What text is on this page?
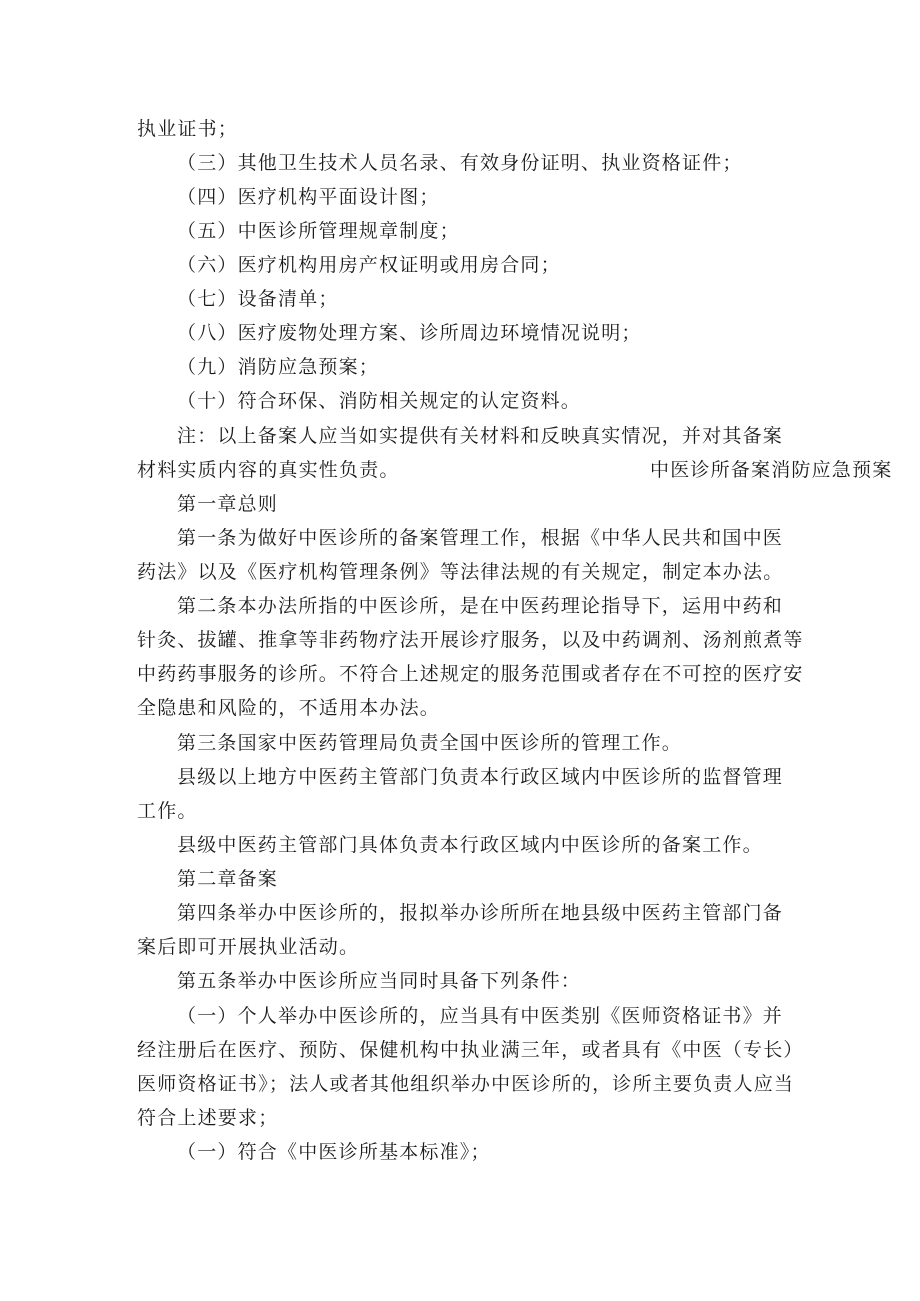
执业证书；
（三）其他卫生技术人员名录、有效身份证明、执业资格证件；
（四）医疗机构平面设计图；
（五）中医诊所管理规章制度；
（六）医疗机构用房产权证明或用房合同；
（七）设备清单；
（八）医疗废物处理方案、诊所周边环境情况说明；
（九）消防应急预案；
（十）符合环保、消防相关规定的认定资料。
注：以上备案人应当如实提供有关材料和反映真实情况，并对其备案
材料实质内容的真实性负责。	中医诊所备案消防应急预案
第一章总则
第一条为做好中医诊所的备案管理工作，根据《中华人民共和国中医
药法》以及《医疗机构管理条例》等法律法规的有关规定，制定本办法。
第二条本办法所指的中医诊所，是在中医药理论指导下，运用中药和
针灸、拔罐、推拿等非药物疗法开展诊疗服务，以及中药调剂、汤剂煎煮等
中药药事服务的诊所。不符合上述规定的服务范围或者存在不可控的医疗安
全隐患和风险的，不适用本办法。
第三条国家中医药管理局负责全国中医诊所的管理工作。
县级以上地方中医药主管部门负责本行政区域内中医诊所的监督管理
工作。
县级中医药主管部门具体负责本行政区域内中医诊所的备案工作。
第二章备案
第四条举办中医诊所的，报拟举办诊所所在地县级中医药主管部门备
案后即可开展执业活动。
第五条举办中医诊所应当同时具备下列条件：
（一）个人举办中医诊所的，应当具有中医类别《医师资格证书》并
经注册后在医疗、预防、保健机构中执业满三年，或者具有《中医（专长）
医师资格证书》；法人或者其他组织举办中医诊所的，诊所主要负责人应当
符合上述要求；
（一）符合《中医诊所基本标准》；
